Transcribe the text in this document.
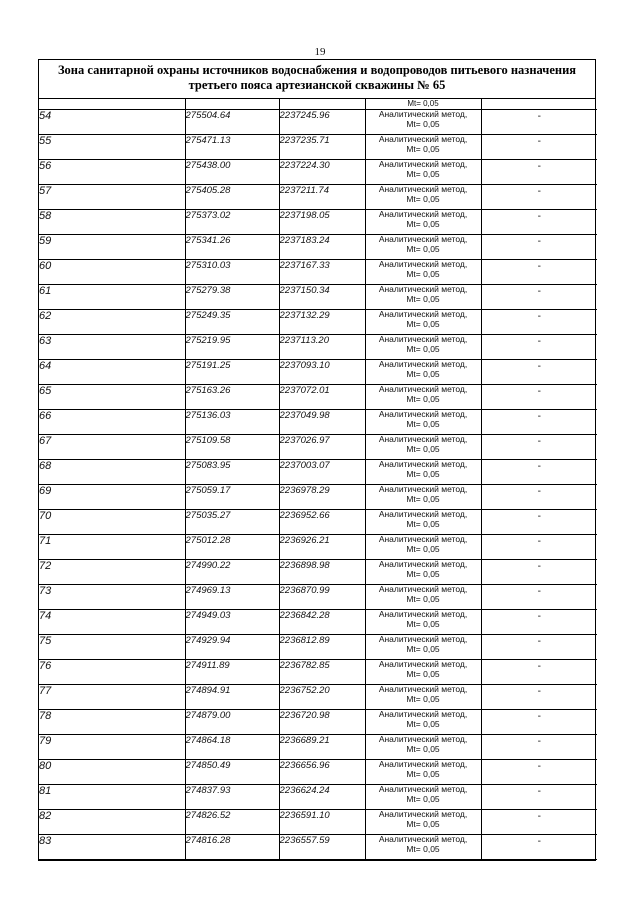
19
Зона санитарной охраны источников водоснабжения и водопроводов питьевого назначения
третьего пояса артезианской скважины № 65
			Mt= 0,05	
54	275504.64	2237245.96	Аналитический метод,
Mt= 0,05	-
55	275471.13	2237235.71	Аналитический метод,
Mt= 0,05	-
56	275438.00	2237224.30	Аналитический метод,
Mt= 0,05	-
57	275405.28	2237211.74	Аналитический метод,
Mt= 0,05	-
58	275373.02	2237198.05	Аналитический метод,
Mt= 0,05	-
59	275341.26	2237183.24	Аналитический метод,
Mt= 0,05	-
60	275310.03	2237167.33	Аналитический метод,
Mt= 0,05	-
61	275279.38	2237150.34	Аналитический метод,
Mt= 0,05	-
62	275249.35	2237132.29	Аналитический метод,
Mt= 0,05	-
63	275219.95	2237113.20	Аналитический метод,
Mt= 0,05	-
64	275191.25	2237093.10	Аналитический метод,
Mt= 0,05	-
65	275163.26	2237072.01	Аналитический метод,
Mt= 0,05	-
66	275136.03	2237049.98	Аналитический метод,
Mt= 0,05	-
67	275109.58	2237026.97	Аналитический метод,
Mt= 0,05	-
68	275083.95	2237003.07	Аналитический метод,
Mt= 0,05	-
69	275059.17	2236978.29	Аналитический метод,
Mt= 0,05	-
70	275035.27	2236952.66	Аналитический метод,
Mt= 0,05	-
71	275012.28	2236926.21	Аналитический метод,
Mt= 0,05	-
72	274990.22	2236898.98	Аналитический метод,
Mt= 0,05	-
73	274969.13	2236870.99	Аналитический метод,
Mt= 0,05	-
74	274949.03	2236842.28	Аналитический метод,
Mt= 0,05	-
75	274929.94	2236812.89	Аналитический метод,
Mt= 0,05	-
76	274911.89	2236782.85	Аналитический метод,
Mt= 0,05	-
77	274894.91	2236752.20	Аналитический метод,
Mt= 0,05	-
78	274879.00	2236720.98	Аналитический метод,
Mt= 0,05	-
79	274864.18	2236689.21	Аналитический метод,
Mt= 0,05	-
80	274850.49	2236656.96	Аналитический метод,
Mt= 0,05	-
81	274837.93	2236624.24	Аналитический метод,
Mt= 0,05	-
82	274826.52	2236591.10	Аналитический метод,
Mt= 0,05	-
83	274816.28	2236557.59	Аналитический метод,
Mt= 0,05	-
